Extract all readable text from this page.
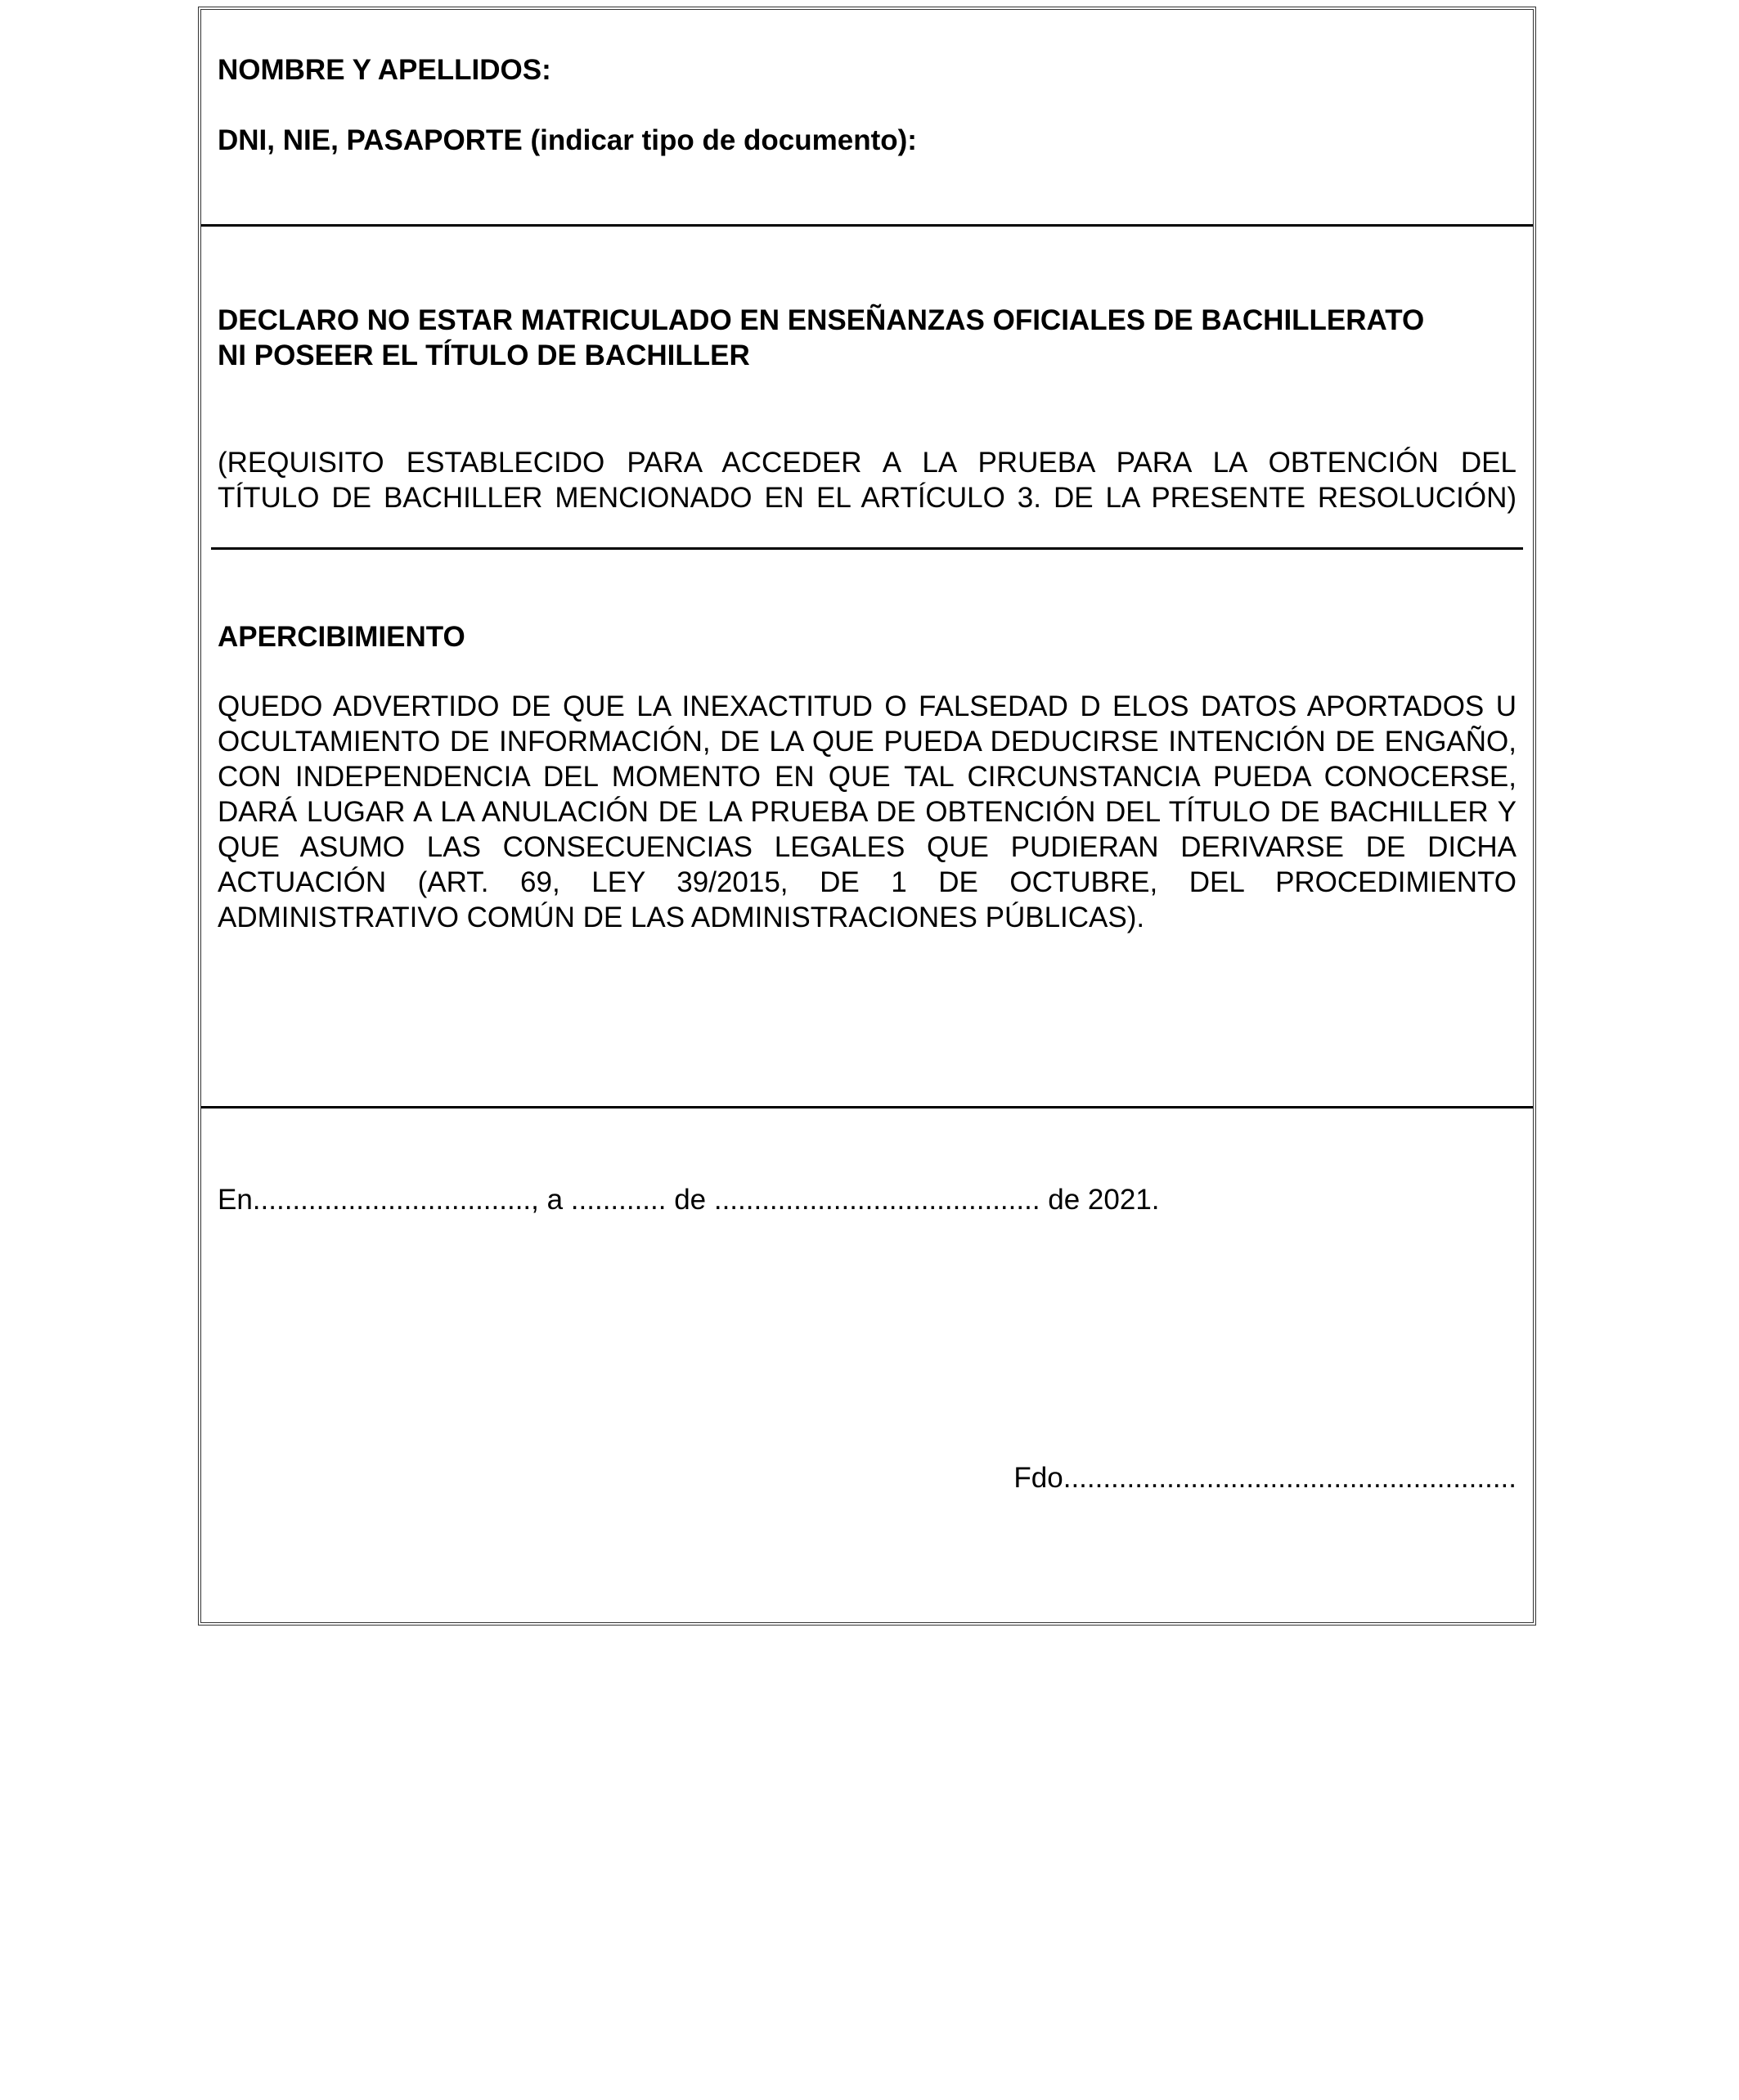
NOMBRE Y APELLIDOS:

DNI, NIE, PASAPORTE (indicar tipo de documento):

DECLARO NO ESTAR MATRICULADO EN ENSEÑANZAS OFICIALES DE BACHILLERATO

NI POSEER EL TÍTULO DE BACHILLER

(REQUISITO ESTABLECIDO PARA ACCEDER A LA PRUEBA PARA LA OBTENCIÓN DEL

TÍTULO DE BACHILLER MENCIONADO EN EL ARTÍCULO 3. DE LA PRESENTE RESOLUCIÓN)

APERCIBIMIENTO

QUEDO ADVERTIDO DE QUE LA INEXACTITUD O FALSEDAD D ELOS DATOS APORTADOS U OCULTAMIENTO DE INFORMACIÓN, DE LA QUE PUEDA DEDUCIRSE INTENCIÓN DE ENGAÑO, CON INDEPENDENCIA DEL MOMENTO EN QUE TAL CIRCUNSTANCIA PUEDA CONOCERSE, DARÁ LUGAR A LA ANULACIÓN DE LA PRUEBA DE OBTENCIÓN DEL TÍTULO DE BACHILLER Y QUE ASUMO LAS CONSECUENCIAS LEGALES QUE PUDIERAN DERIVARSE DE DICHA ACTUACIÓN (ART. 69, LEY 39/2015, DE 1 DE OCTUBRE, DEL PROCEDIMIENTO ADMINISTRATIVO COMÚN DE LAS ADMINISTRACIONES PÚBLICAS).

En..................................., a ............ de ......................................... de 2021.

Fdo.........................................................
